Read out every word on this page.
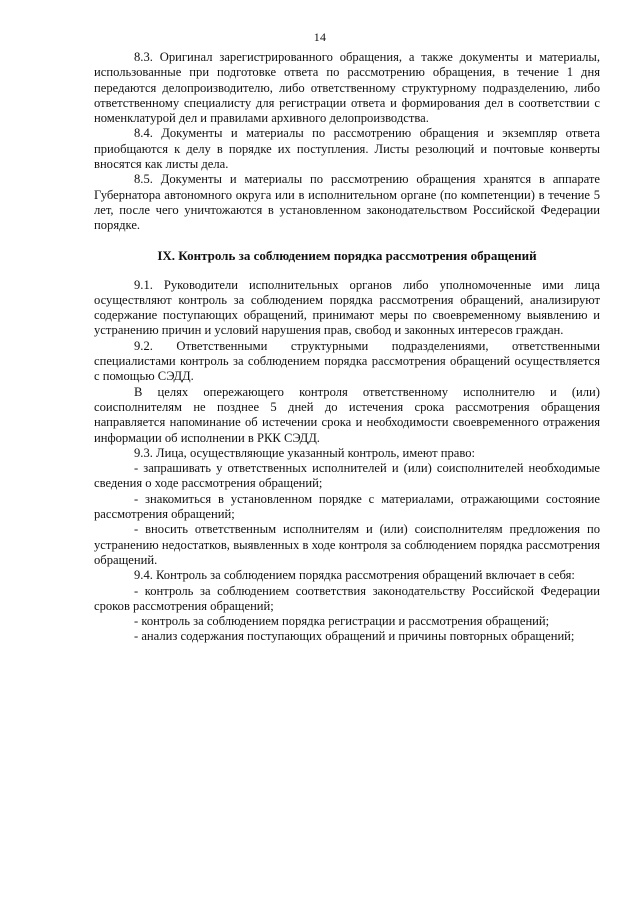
14

8.3. Оригинал зарегистрированного обращения, а также документы и материалы, использованные при подготовке ответа по рассмотрению обращения, в течение 1 дня передаются делопроизводителю, либо ответственному структурному подразделению, либо ответственному специалисту для регистрации ответа и формирования дел в соответствии с номенклатурой дел и правилами архивного делопроизводства.

8.4. Документы и материалы по рассмотрению обращения и экземпляр ответа приобщаются к делу в порядке их поступления. Листы резолюций и почтовые конверты вносятся как листы дела.

8.5. Документы и материалы по рассмотрению обращения хранятся в аппарате Губернатора автономного округа или в исполнительном органе (по компетенции) в течение 5 лет, после чего уничтожаются в установленном законодательством Российской Федерации порядке.

IX. Контроль за соблюдением порядка рассмотрения обращений

9.1. Руководители исполнительных органов либо уполномоченные ими лица осуществляют контроль за соблюдением порядка рассмотрения обращений, анализируют содержание поступающих обращений, принимают меры по своевременному выявлению и устранению причин и условий нарушения прав, свобод и законных интересов граждан.

9.2. Ответственными структурными подразделениями, ответственными специалистами контроль за соблюдением порядка рассмотрения обращений осуществляется с помощью СЭДД.

В целях опережающего контроля ответственному исполнителю и (или) соисполнителям не позднее 5 дней до истечения срока рассмотрения обращения направляется напоминание об истечении срока и необходимости своевременного отражения информации об исполнении в РКК СЭДД.

9.3. Лица, осуществляющие указанный контроль, имеют право:

- запрашивать у ответственных исполнителей и (или) соисполнителей необходимые сведения о ходе рассмотрения обращений;

- знакомиться в установленном порядке с материалами, отражающими состояние рассмотрения обращений;

- вносить ответственным исполнителям и (или) соисполнителям предложения по устранению недостатков, выявленных в ходе контроля за соблюдением порядка рассмотрения обращений.

9.4. Контроль за соблюдением порядка рассмотрения обращений включает в себя:

- контроль за соблюдением соответствия законодательству Российской Федерации сроков рассмотрения обращений;

- контроль за соблюдением порядка регистрации и рассмотрения обращений;

- анализ содержания поступающих обращений и причины повторных обращений;
